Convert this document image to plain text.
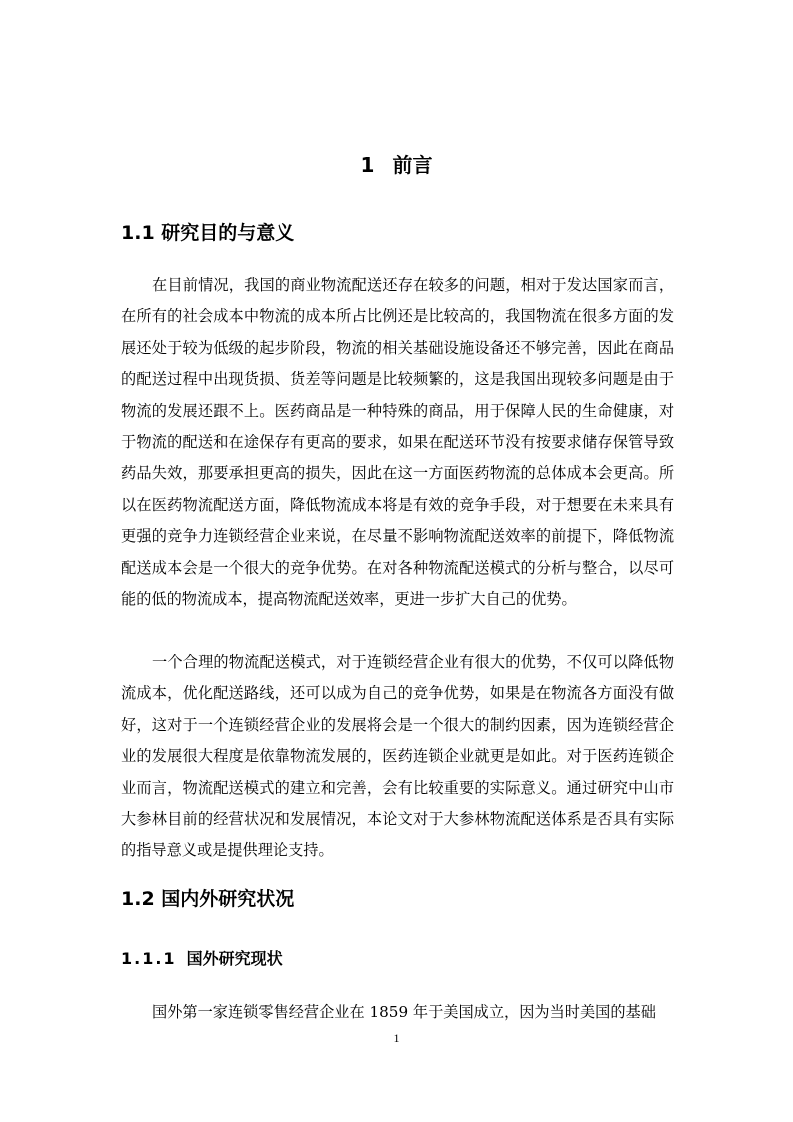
1 前言
1.1 研究目的与意义

在目前情况，我国的商业物流配送还存在较多的问题，相对于发达国家而言，在所有的社会成本中物流的成本所占比例还是比较高的，我国物流在很多方面的发展还处于较为低级的起步阶段，物流的相关基础设施设备还不够完善，因此在商品的配送过程中出现货损、货差等问题是比较频繁的，这是我国出现较多问题是由于物流的发展还跟不上。医药商品是一种特殊的商品，用于保障人民的生命健康，对于物流的配送和在途保存有更高的要求，如果在配送环节没有按要求储存保管导致药品失效，那要承担更高的损失，因此在这一方面医药物流的总体成本会更高。所以在医药物流配送方面，降低物流成本将是有效的竞争手段，对于想要在未来具有更强的竞争力连锁经营企业来说，在尽量不影响物流配送效率的前提下，降低物流配送成本会是一个很大的竞争优势。在对各种物流配送模式的分析与整合，以尽可能的低的物流成本，提高物流配送效率，更进一步扩大自己的优势。

一个合理的物流配送模式，对于连锁经营企业有很大的优势，不仅可以降低物流成本，优化配送路线，还可以成为自己的竞争优势，如果是在物流各方面没有做好，这对于一个连锁经营企业的发展将会是一个很大的制约因素，因为连锁经营企业的发展很大程度是依靠物流发展的，医药连锁企业就更是如此。对于医药连锁企业而言，物流配送模式的建立和完善，会有比较重要的实际意义。通过研究中山市大参林目前的经营状况和发展情况，本论文对于大参林物流配送体系是否具有实际的指导意义或是提供理论支持。

1.2 国内外研究状况
1.1.1 国外研究现状

国外第一家连锁零售经营企业在 1859 年于美国成立，因为当时美国的基础

1
